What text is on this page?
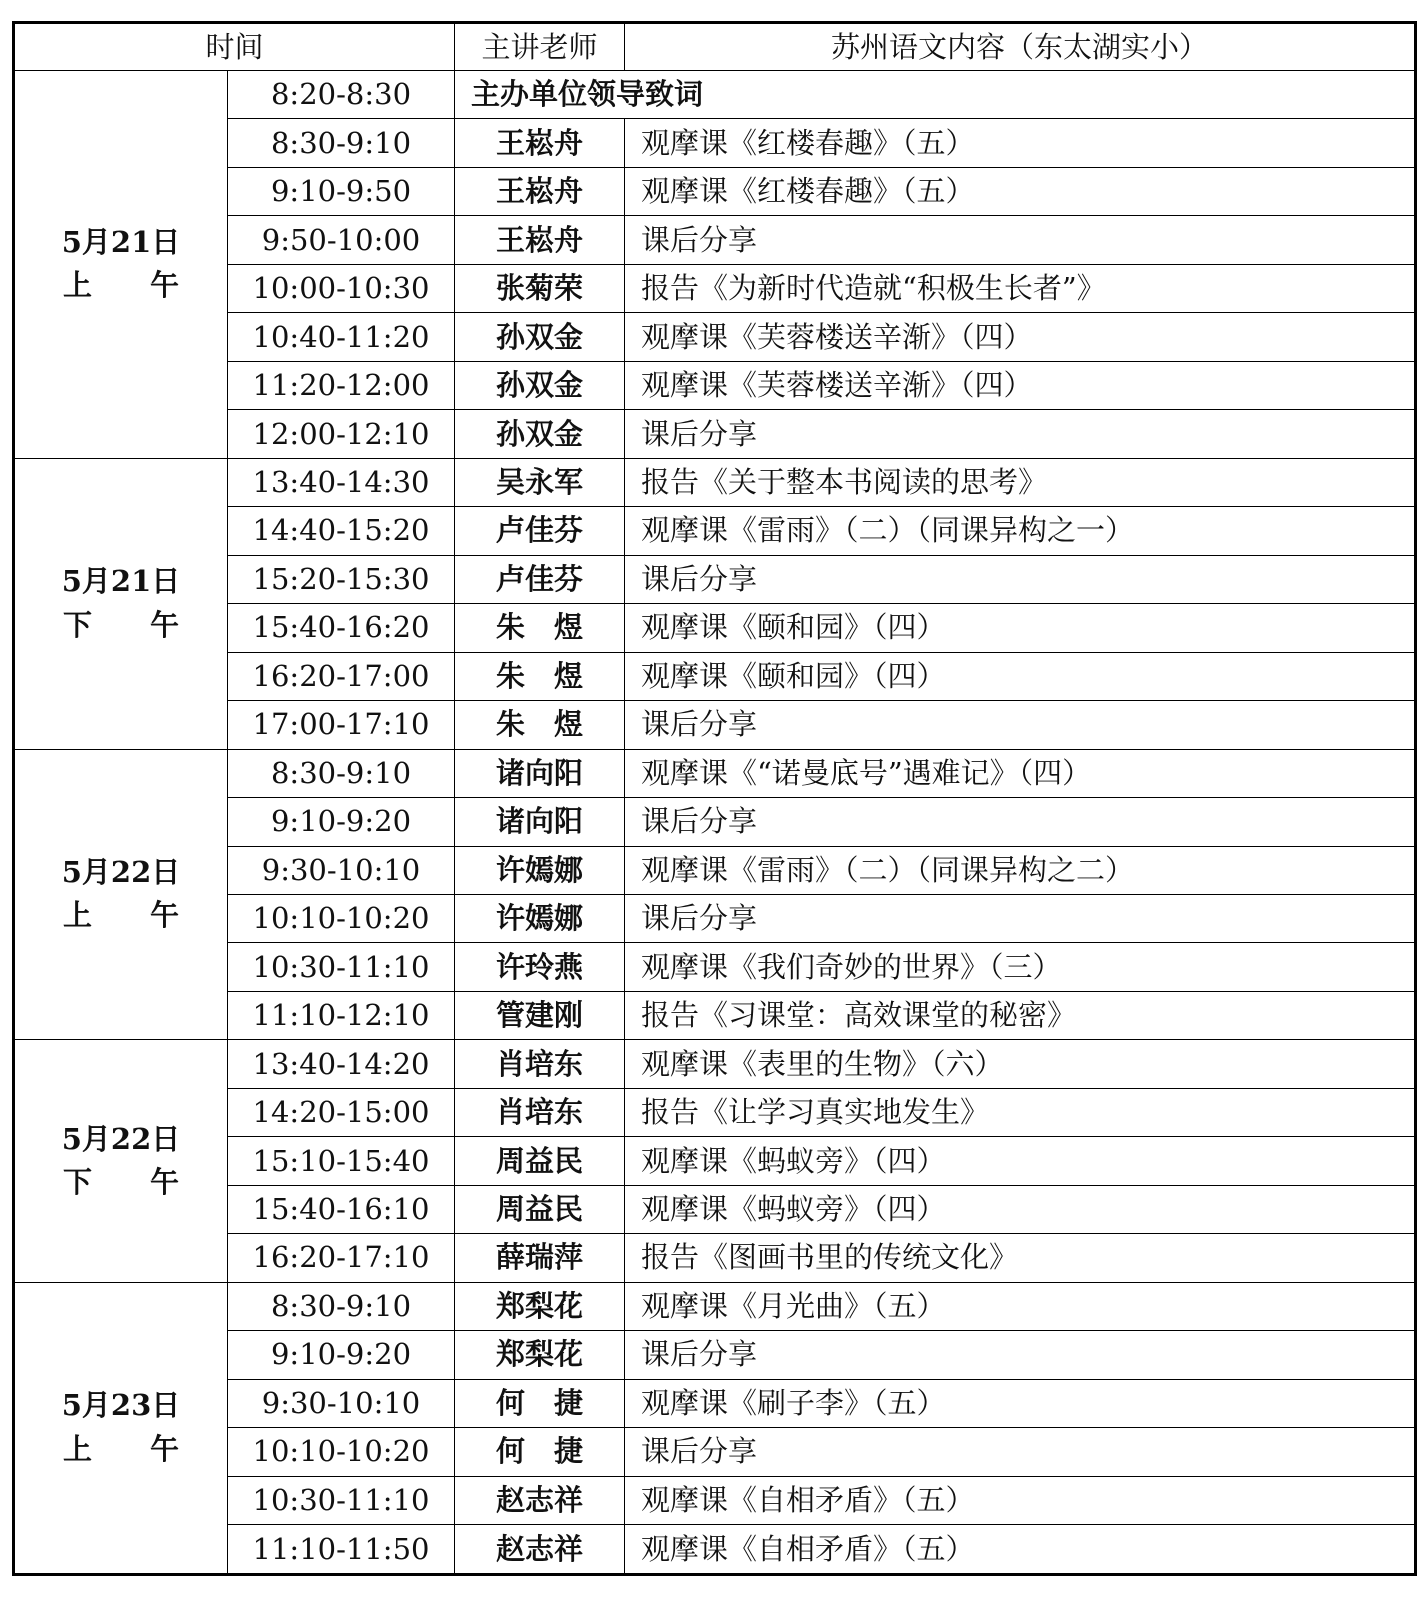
时间		主讲老师	苏州语文内容（东太湖实小）

5月21日
上　　午	8:20-8:30	主办单位领导致词	
	8:30-9:10	王崧舟	观摩课《红楼春趣》（五）
	9:10-9:50	王崧舟	观摩课《红楼春趣》（五）
	9:50-10:00	王崧舟	课后分享
	10:00-10:30	张菊荣	报告《为新时代造就“积极生长者”》
	10:40-11:20	孙双金	观摩课《芙蓉楼送辛渐》（四）
	11:20-12:00	孙双金	观摩课《芙蓉楼送辛渐》（四）
	12:00-12:10	孙双金	课后分享

5月21日
下　　午	13:40-14:30	吴永军	报告《关于整本书阅读的思考》
	14:40-15:20	卢佳芬	观摩课《雷雨》（二）（同课异构之一）
	15:20-15:30	卢佳芬	课后分享
	15:40-16:20	朱　煜	观摩课《颐和园》（四）
	16:20-17:00	朱　煜	观摩课《颐和园》（四）
	17:00-17:10	朱　煜	课后分享

5月22日
上　　午	8:30-9:10	诸向阳	观摩课《“诺曼底号”遇难记》（四）
	9:10-9:20	诸向阳	课后分享
	9:30-10:10	许嫣娜	观摩课《雷雨》（二）（同课异构之二）
	10:10-10:20	许嫣娜	课后分享
	10:30-11:10	许玲燕	观摩课《我们奇妙的世界》（三）
	11:10-12:10	管建刚	报告《习课堂：高效课堂的秘密》

5月22日
下　　午	13:40-14:20	肖培东	观摩课《表里的生物》（六）
	14:20-15:00	肖培东	报告《让学习真实地发生》
	15:10-15:40	周益民	观摩课《蚂蚁旁》（四）
	15:40-16:10	周益民	观摩课《蚂蚁旁》（四）
	16:20-17:10	薛瑞萍	报告《图画书里的传统文化》

5月23日
上　　午	8:30-9:10	郑梨花	观摩课《月光曲》（五）
	9:10-9:20	郑梨花	课后分享
	9:30-10:10	何　捷	观摩课《刷子李》（五）
	10:10-10:20	何　捷	课后分享
	10:30-11:10	赵志祥	观摩课《自相矛盾》（五）
	11:10-11:50	赵志祥	观摩课《自相矛盾》（五）
